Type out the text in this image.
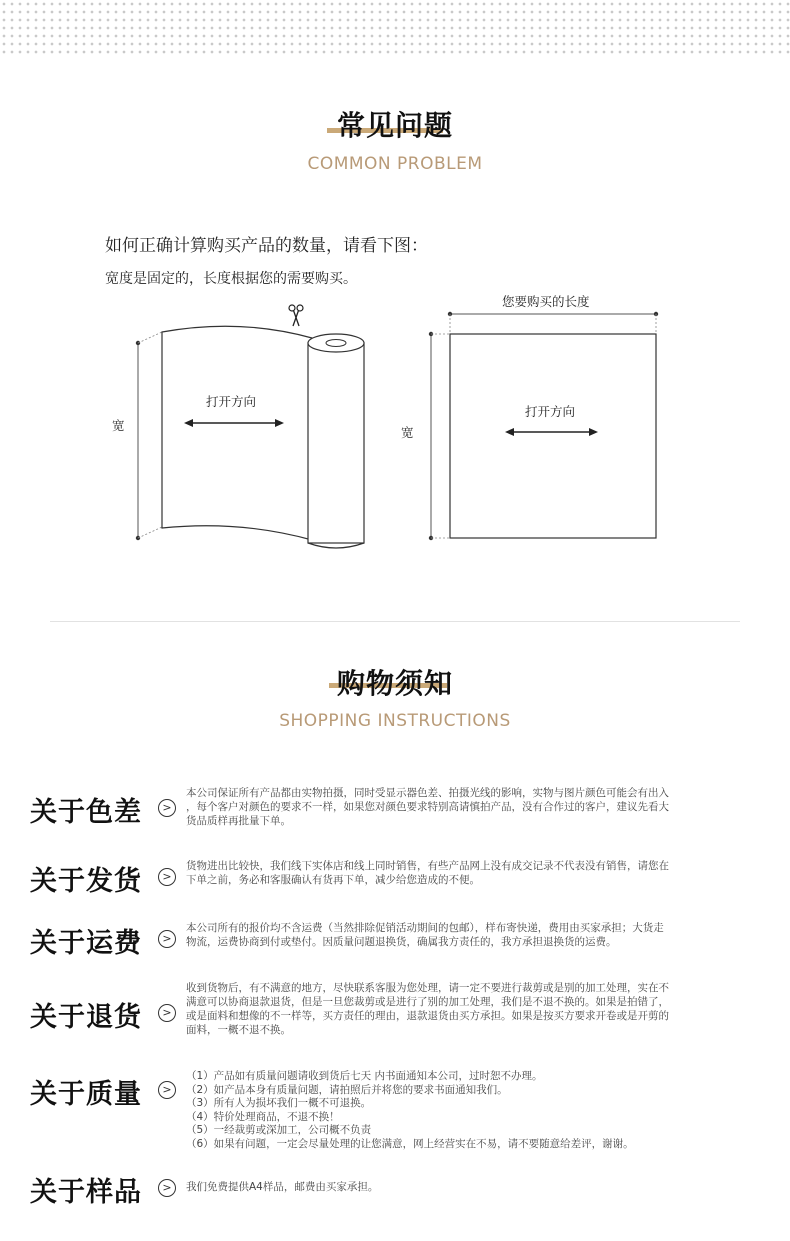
常见问题
COMMON PROBLEM
如何正确计算购买产品的数量，请看下图：
宽度是固定的，长度根据您的需要购买。
宽
打开方向
您要购买的长度
宽
打开方向
购物须知
SHOPPING INSTRUCTIONS
关于色差	>
本公司保证所有产品都由实物拍摄，同时受显示器色差、拍摄光线的影响，实物与图片颜色可能会有出入
，每个客户对颜色的要求不一样，如果您对颜色要求特别高请慎拍产品，没有合作过的客户，建议先看大
货品质样再批量下单。
关于发货	>
货物进出比较快，我们线下实体店和线上同时销售，有些产品网上没有成交记录不代表没有销售，请您在
下单之前，务必和客服确认有货再下单，减少给您造成的不便。
关于运费	>
本公司所有的报价均不含运费（当然排除促销活动期间的包邮），样布寄快递，费用由买家承担；大货走
物流，运费协商到付或垫付。因质量问题退换货，确属我方责任的，我方承担退换货的运费。
关于退货	>
收到货物后，有不满意的地方，尽快联系客服为您处理，请一定不要进行裁剪或是别的加工处理，实在不
满意可以协商退款退货，但是一旦您裁剪或是进行了别的加工处理，我们是不退不换的。如果是拍错了，
或是面料和想像的不一样等，买方责任的理由，退款退货由买方承担。如果是按买方要求开卷或是开剪的
面料，一概不退不换。
关于质量	>
（1）产品如有质量问题请收到货后七天 内书面通知本公司，过时恕不办理。
（2）如产品本身有质量问题，请拍照后并将您的要求书面通知我们。
（3）所有人为损坏我们一概不可退换。
（4）特价处理商品，不退不换！
（5）一经裁剪或深加工，公司概不负责
（6）如果有问题，一定会尽量处理的让您满意，网上经营实在不易，请不要随意给差评，谢谢。
关于样品	>	我们免费提供A4样品，邮费由买家承担。
